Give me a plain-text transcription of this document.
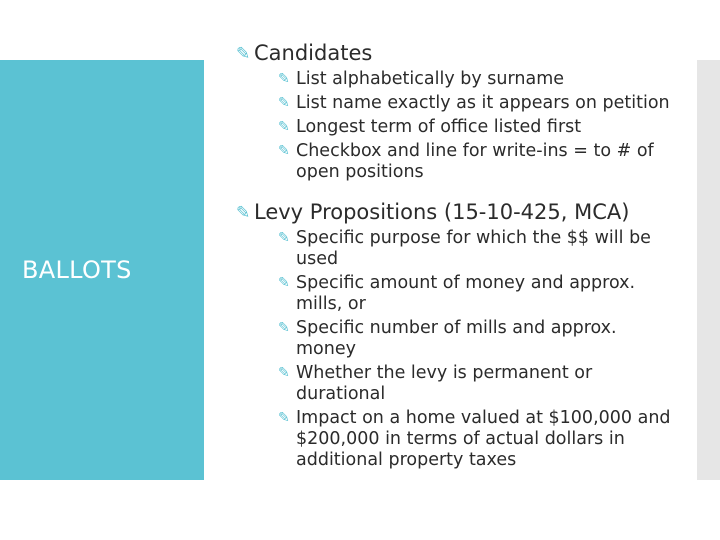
BALLOTS
✎ Candidates
✎ List alphabetically by surname
✎ List name exactly as it appears on petition
✎ Longest term of office listed first
✎ Checkbox and line for write-ins = to # of open positions
✎ Levy Propositions (15-10-425, MCA)
✎ Specific purpose for which the $$ will be used
✎ Specific amount of money and approx. mills, or
✎ Specific number of mills and approx. money
✎ Whether the levy is permanent or durational
✎ Impact on a home valued at $100,000 and $200,000 in terms of actual dollars in additional property taxes
